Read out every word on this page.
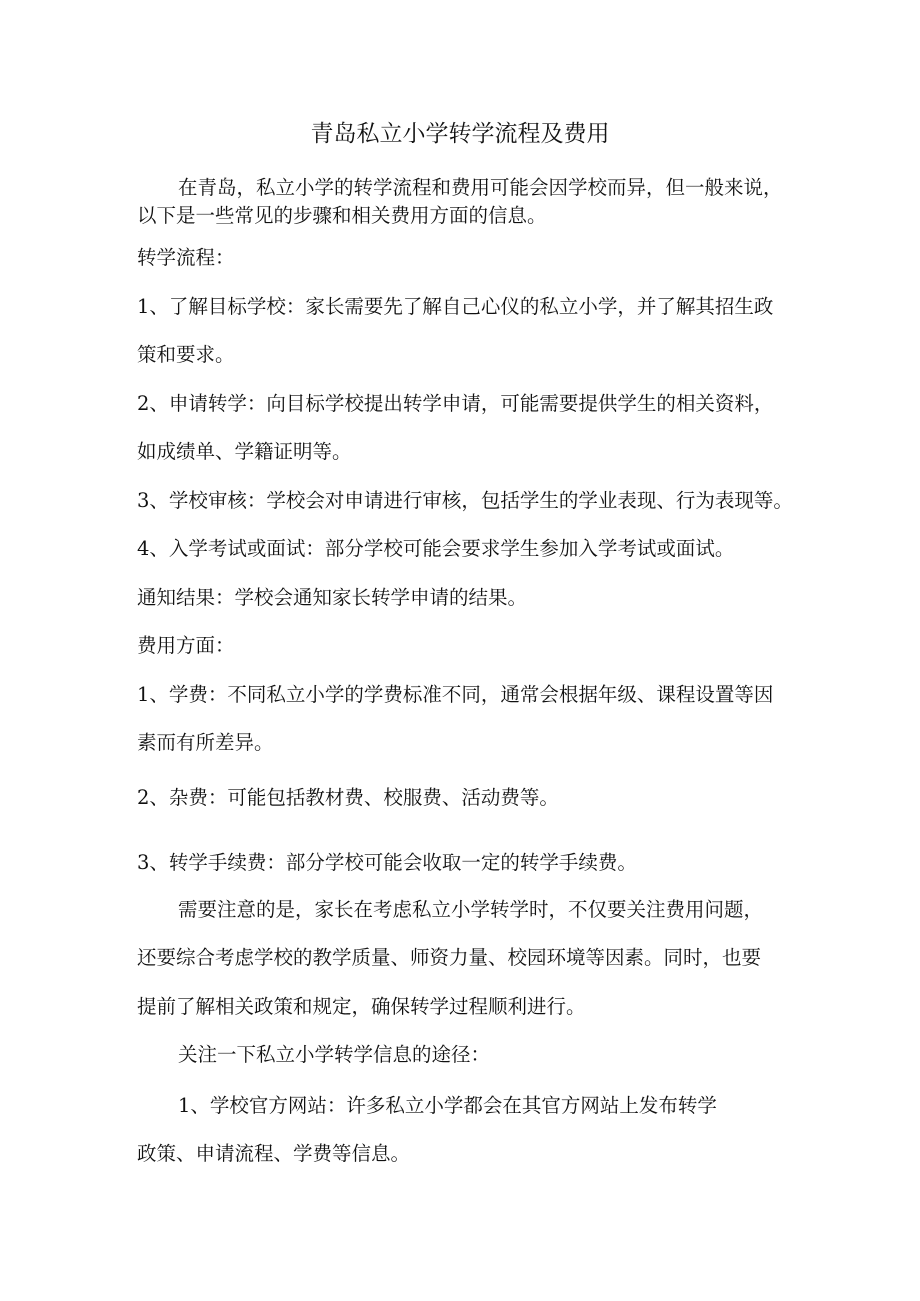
青岛私立小学转学流程及费用
在青岛，私立小学的转学流程和费用可能会因学校而异，但一般来说，
以下是一些常见的步骤和相关费用方面的信息。
转学流程：
1、了解目标学校：家长需要先了解自己心仪的私立小学，并了解其招生政
策和要求。
2、申请转学：向目标学校提出转学申请，可能需要提供学生的相关资料，
如成绩单、学籍证明等。
3、学校审核：学校会对申请进行审核，包括学生的学业表现、行为表现等。
4、入学考试或面试：部分学校可能会要求学生参加入学考试或面试。
通知结果：学校会通知家长转学申请的结果。
费用方面：
1、学费：不同私立小学的学费标准不同，通常会根据年级、课程设置等因
素而有所差异。
2、杂费：可能包括教材费、校服费、活动费等。
3、转学手续费：部分学校可能会收取一定的转学手续费。
需要注意的是，家长在考虑私立小学转学时，不仅要关注费用问题，
还要综合考虑学校的教学质量、师资力量、校园环境等因素。同时，也要
提前了解相关政策和规定，确保转学过程顺利进行。
关注一下私立小学转学信息的途径：
1、学校官方网站：许多私立小学都会在其官方网站上发布转学
政策、申请流程、学费等信息。
